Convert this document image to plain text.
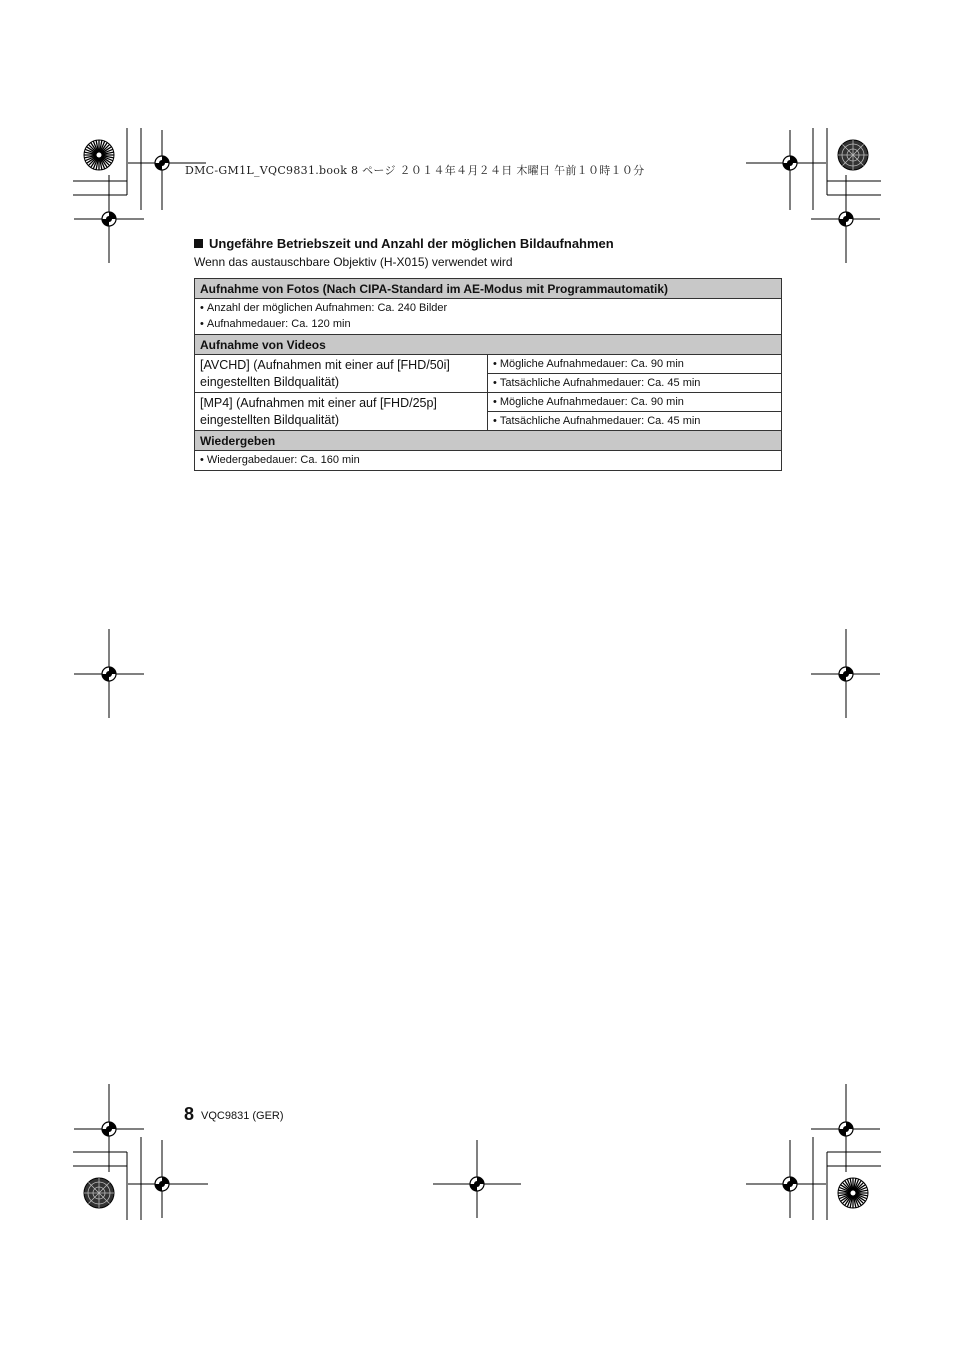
DMC-GM1L_VQC9831.book 8 ページ ２０１４年４月２４日 木曜日 午前１０時１０分
Ungefähre Betriebszeit und Anzahl der möglichen Bildaufnahmen
Wenn das austauschbare Objektiv (H-X015) verwendet wird
Aufnahme von Fotos (Nach CIPA-Standard im AE-Modus mit Programmautomatik)	

• Anzahl der möglichen Aufnahmen: Ca. 240 Bilder
• Aufnahmedauer: Ca. 120 min

Aufnahme von Videos	
[AVCHD] (Aufnahmen mit einer auf [FHD/50i] eingestellten Bildqualität)	• Mögliche Aufnahmedauer: Ca. 90 min

	• Tatsächliche Aufnahmedauer: Ca. 45 min

[MP4] (Aufnahmen mit einer auf [FHD/25p] eingestellten Bildqualität)	• Mögliche Aufnahmedauer: Ca. 90 min

	• Tatsächliche Aufnahmedauer: Ca. 45 min

Wiedergeben	

• Wiedergabedauer: Ca. 160 min
8 VQC9831 (GER)
